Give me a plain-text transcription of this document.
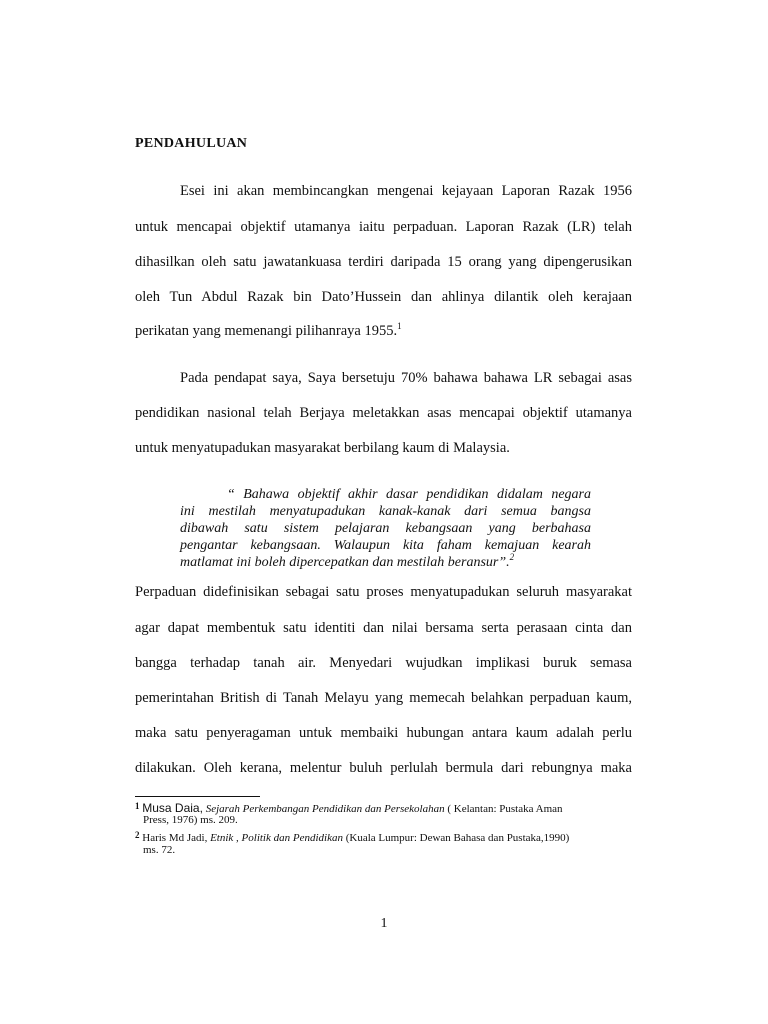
PENDAHULUAN
Esei ini akan membincangkan mengenai kejayaan Laporan Razak 1956
untuk mencapai objektif utamanya iaitu perpaduan. Laporan Razak (LR) telah
dihasilkan oleh satu jawatankuasa terdiri daripada 15 orang yang dipengerusikan
oleh Tun Abdul Razak bin Dato’Hussein dan ahlinya dilantik oleh kerajaan
perikatan yang memenangi pilihanraya 1955.$^1$
Pada pendapat saya, Saya bersetuju 70% bahawa bahawa LR sebagai asas
pendidikan nasional telah Berjaya meletakkan asas mencapai objektif utamanya
untuk menyatupadukan masyarakat berbilang kaum di Malaysia.
“ Bahawa objektif akhir dasar pendidikan didalam negara
ini mestilah menyatupadukan kanak-kanak dari semua bangsa
dibawah satu sistem pelajaran kebangsaan yang berbahasa
pengantar kebangsaan. Walaupun kita faham kemajuan kearah
matlamat ini boleh dipercepatkan dan mestilah beransur”.$^2$
Perpaduan didefinisikan sebagai satu proses menyatupadukan seluruh masyarakat
agar dapat membentuk satu identiti dan nilai bersama serta perasaan cinta dan
bangga terhadap tanah air. Menyedari wujudkan implikasi buruk semasa
pemerintahan British di Tanah Melayu yang memecah belahkan perpaduan kaum,
maka satu penyeragaman untuk membaiki hubungan antara kaum adalah perlu
dilakukan. Oleh kerana, melentur buluh perlulah bermula dari rebungnya maka
$^1$ Musa Daia, Sejarah Perkembangan Pendidikan dan Persekolahan ( Kelantan: Pustaka Aman
Press, 1976) ms. 209.
$^2$ Haris Md Jadi, Etnik , Politik dan Pendidikan (Kuala Lumpur: Dewan Bahasa dan Pustaka,1990)
ms. 72.
1
